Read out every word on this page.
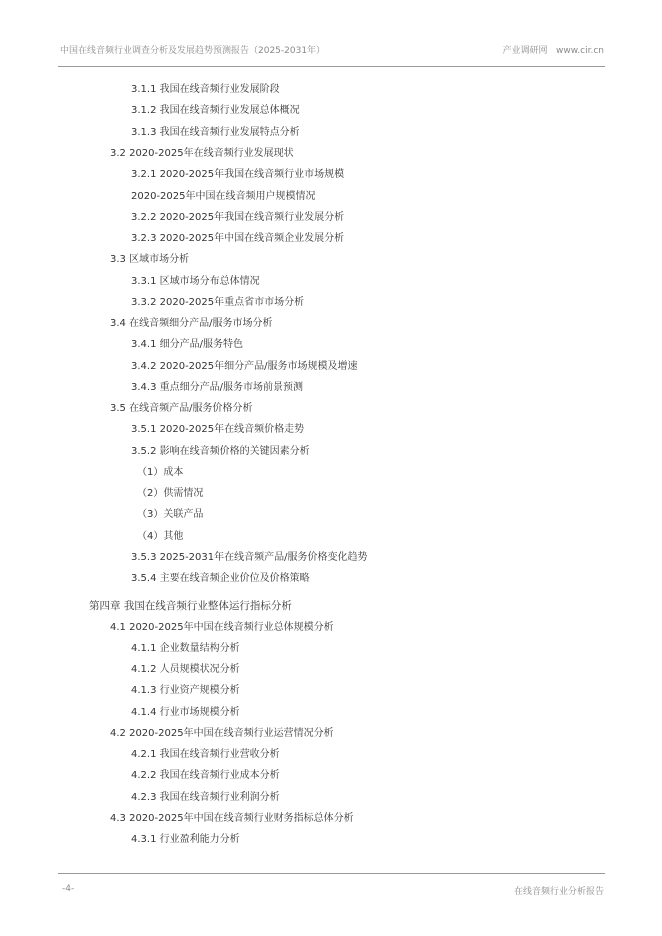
中国在线音频行业调查分析及发展趋势预测报告（2025-2031年）	产业调研网 www.cir.cn
3.1.1 我国在线音频行业发展阶段
3.1.2 我国在线音频行业发展总体概况
3.1.3 我国在线音频行业发展特点分析
3.2 2020-2025年在线音频行业发展现状
3.2.1 2020-2025年我国在线音频行业市场规模
2020-2025年中国在线音频用户规模情况
3.2.2 2020-2025年我国在线音频行业发展分析
3.2.3 2020-2025年中国在线音频企业发展分析
3.3 区域市场分析
3.3.1 区域市场分布总体情况
3.3.2 2020-2025年重点省市市场分析
3.4 在线音频细分产品/服务市场分析
3.4.1 细分产品/服务特色
3.4.2 2020-2025年细分产品/服务市场规模及增速
3.4.3 重点细分产品/服务市场前景预测
3.5 在线音频产品/服务价格分析
3.5.1 2020-2025年在线音频价格走势
3.5.2 影响在线音频价格的关键因素分析
（1）成本
（2）供需情况
（3）关联产品
（4）其他
3.5.3 2025-2031年在线音频产品/服务价格变化趋势
3.5.4 主要在线音频企业价位及价格策略
第四章 我国在线音频行业整体运行指标分析
4.1 2020-2025年中国在线音频行业总体规模分析
4.1.1 企业数量结构分析
4.1.2 人员规模状况分析
4.1.3 行业资产规模分析
4.1.4 行业市场规模分析
4.2 2020-2025年中国在线音频行业运营情况分析
4.2.1 我国在线音频行业营收分析
4.2.2 我国在线音频行业成本分析
4.2.3 我国在线音频行业利润分析
4.3 2020-2025年中国在线音频行业财务指标总体分析
4.3.1 行业盈利能力分析
-4-	在线音频行业分析报告
